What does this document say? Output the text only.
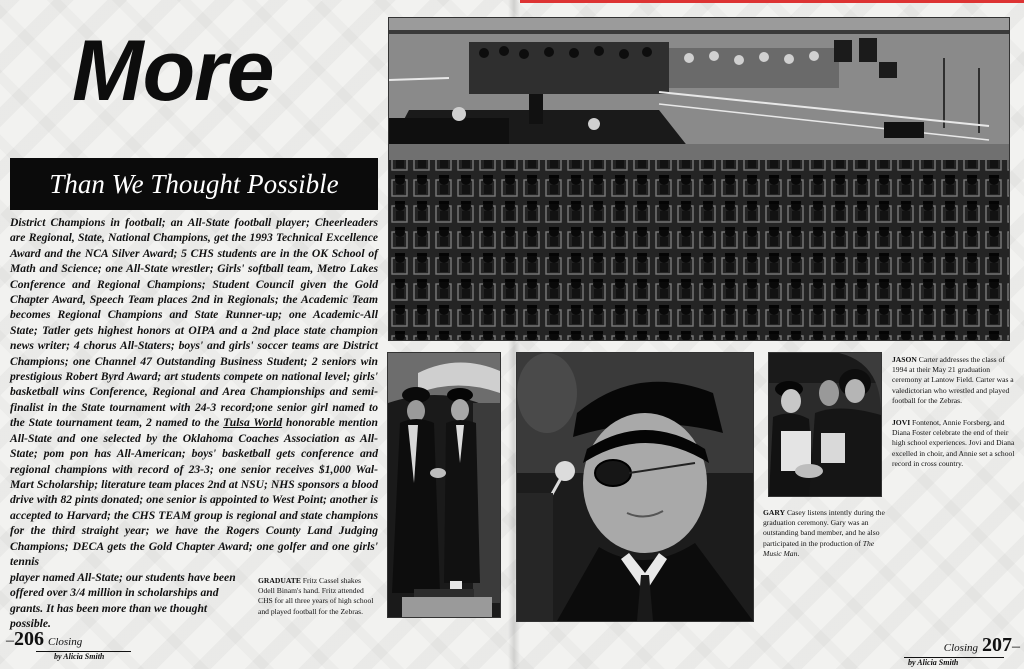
More
Than We Thought Possible
District Champions in football; an All-State football player; Cheerleaders are Regional, State, National Champions, get the 1993 Technical Excellence Award and the NCA Silver Award; 5 CHS students are in the OK School of Math and Science; one All-State wrestler; Girls' softball team, Metro Lakes Conference and Regional Champions; Student Council given the Gold Chapter Award, Speech Team places 2nd in Regionals; the Academic Team becomes Regional Champions and State Runner-up; one Academic-All State; Tatler gets highest honors at OIPA and a 2nd place state champion news writer; 4 chorus All-Staters; boys' and girls' soccer teams are District Champions; one Channel 47 Outstanding Business Student; 2 seniors win prestigious Robert Byrd Award; art students compete on national level; girls' basketball wins Conference, Regional and Area Championships and semi-finalist in the State tournament with 24-3 record;one senior girl named to the State tournament team, 2 named to the Tulsa World honorable mention All-State and one selected by the Oklahoma Coaches Association as All-State; pom pon has All-American; boys' basketball gets conference and regional champions with record of 23-3; one senior receives $1,000 Wal-Mart Scholarship; literature team places 2nd at NSU; NHS sponsors a blood drive with 82 pints donated; one senior is appointed to West Point; another is accepted to Harvard; the CHS TEAM group is regional and state champions for the third straight year; we have the Rogers County Land Judging Champions; DECA gets the Gold Chapter Award; one golfer and one girls' tennis
player named All-State; our students have been offered over 3/4 million in scholarships and grants. It has been more than we thought possible.
GRADUATE Fritz Cassel shakes Odell Binam's hand. Fritz attended CHS for all three years of high school and played football for the Zebras.
–206 Closing
by Alicia Smith
JASON Carter addresses the class of 1994 at their May 21 graduation ceremony at Lantow Field. Carter was a valedictorian who wrestled and played football for the Zebras.
JOVI Fontenot, Annie Forsberg, and Diana Foster celebrate the end of their high school experiences. Jovi and Diana excelled in choir, and Annie set a school record in cross country.
GARY Casey listens intently during the graduation ceremony. Gary was an outstanding band member, and he also participated in the production of The Music Man.
Closing 207–
by Alicia Smith
